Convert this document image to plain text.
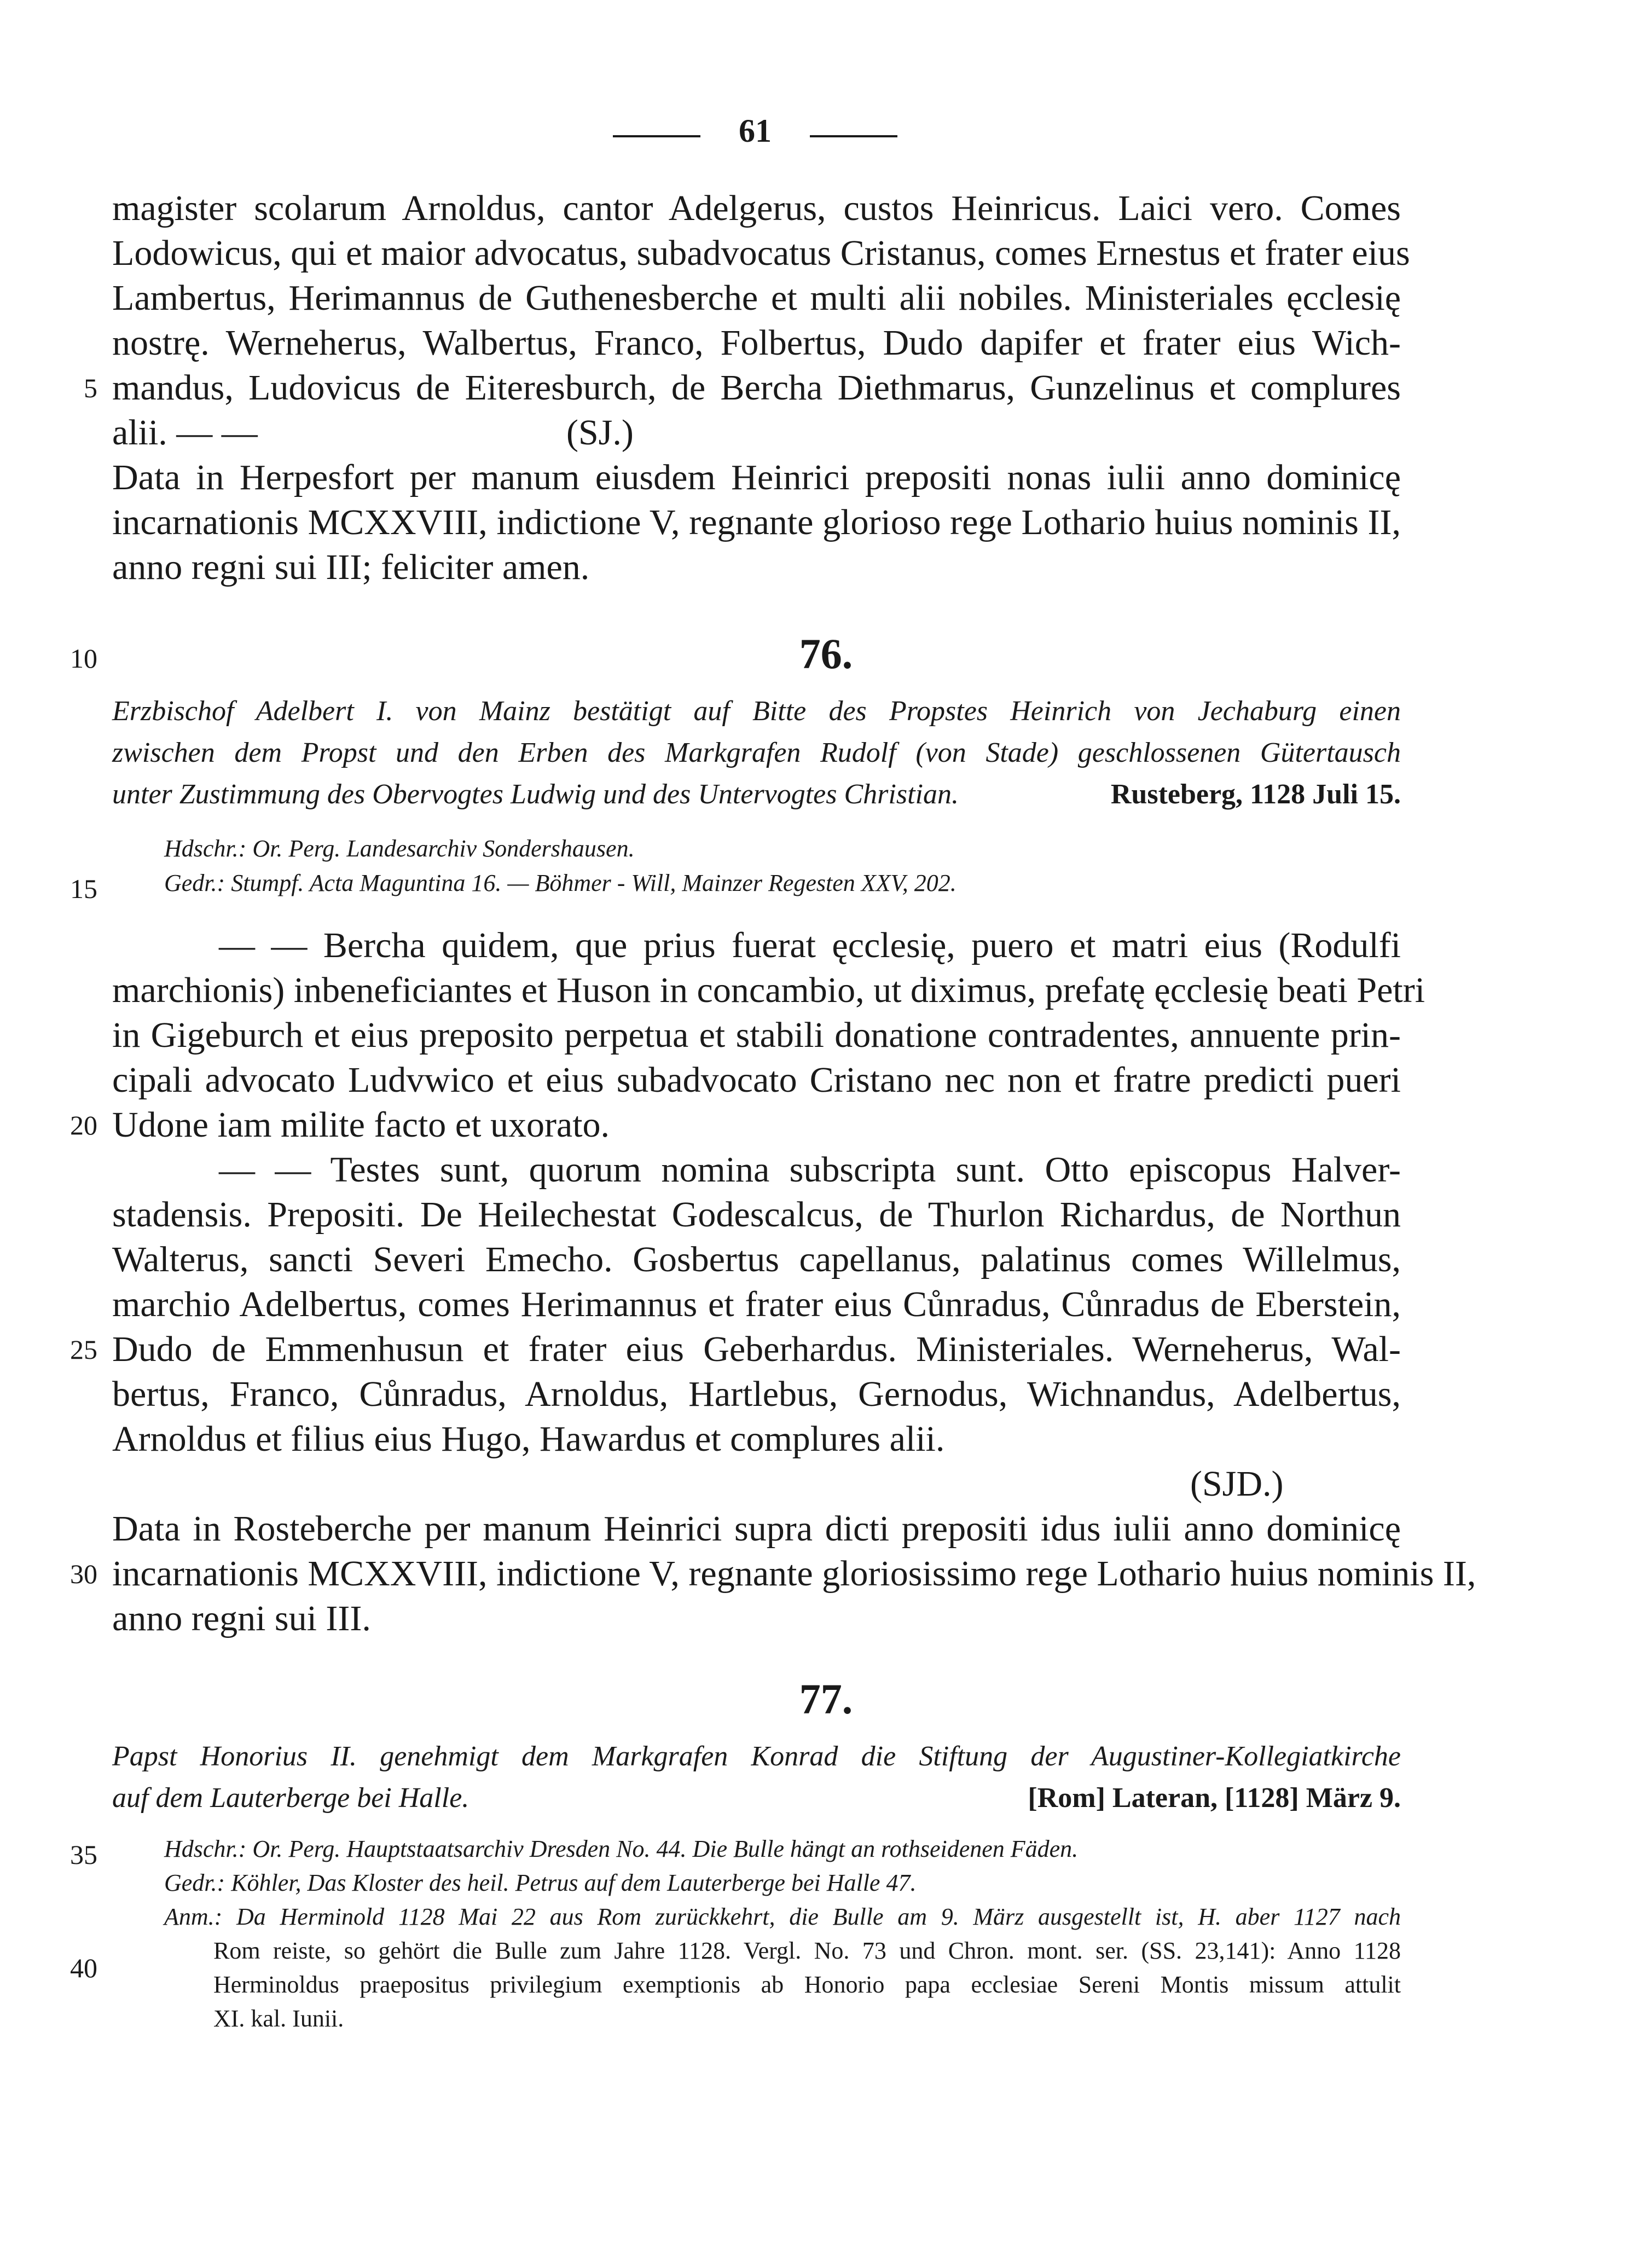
61
magister scolarum Arnoldus, cantor Adelgerus, custos Heinricus. Laici vero. Comes
Lodowicus, qui et maior advocatus, subadvocatus Cristanus, comes Ernestus et frater eius
Lambertus, Herimannus de Guthenesberche et multi alii nobiles. Ministeriales ęcclesię
nostrę. Werneherus, Walbertus, Franco, Folbertus, Dudo dapifer et frater eius Wich-
mandus, Ludovicus de Eiteresburch, de Bercha Diethmarus, Gunzelinus et complures
alii. — —	(SJ.)
Data in Herpesfort per manum eiusdem Heinrici prepositi nonas iulii anno dominicę
incarnationis MCXXVIII, indictione V, regnante glorioso rege Lothario huius nominis II,
anno regni sui III; feliciter amen.
5
10
15
20
25
30
35
40
76.
Erzbischof Adelbert I. von Mainz bestätigt auf Bitte des Propstes Heinrich von Jechaburg einen
zwischen dem Propst und den Erben des Markgrafen Rudolf (von Stade) geschlossenen Gütertausch
unter Zustimmung des Obervogtes Ludwig und des Untervogtes Christian.	Rusteberg, 1128 Juli 15.
Hdschr.: Or. Perg. Landesarchiv Sondershausen.
Gedr.: Stumpf. Acta Maguntina 16. — Böhmer - Will, Mainzer Regesten XXV, 202.
— — Bercha quidem, que prius fuerat ęcclesię, puero et matri eius (Rodulfi
marchionis) inbeneficiantes et Huson in concambio, ut diximus, prefatę ęcclesię beati Petri
in Gigeburch et eius preposito perpetua et stabili donatione contradentes, annuente prin-
cipali advocato Ludvwico et eius subadvocato Cristano nec non et fratre predicti pueri
Udone iam milite facto et uxorato.
— — Testes sunt, quorum nomina subscripta sunt. Otto episcopus Halver-
stadensis. Prepositi. De Heilechestat Godescalcus, de Thurlon Richardus, de Northun
Walterus, sancti Severi Emecho. Gosbertus capellanus, palatinus comes Willelmus,
marchio Adelbertus, comes Herimannus et frater eius Cůnradus, Cůnradus de Eberstein,
Dudo de Emmenhusun et frater eius Geberhardus. Ministeriales. Werneherus, Wal-
bertus, Franco, Cůnradus, Arnoldus, Hartlebus, Gernodus, Wichnandus, Adelbertus,
Arnoldus et filius eius Hugo, Hawardus et complures alii.
(SJD.)
Data in Rosteberche per manum Heinrici supra dicti prepositi idus iulii anno dominicę
incarnationis MCXXVIII, indictione V, regnante gloriosissimo rege Lothario huius nominis II,
anno regni sui III.
77.
Papst Honorius II. genehmigt dem Markgrafen Konrad die Stiftung der Augustiner-Kollegiatkirche
auf dem Lauterberge bei Halle.	[Rom] Lateran, [1128] März 9.
Hdschr.: Or. Perg. Hauptstaatsarchiv Dresden No. 44. Die Bulle hängt an rothseidenen Fäden.
Gedr.: Köhler, Das Kloster des heil. Petrus auf dem Lauterberge bei Halle 47.
Anm.: Da Herminold 1128 Mai 22 aus Rom zurückkehrt, die Bulle am 9. März ausgestellt ist, H. aber 1127 nach
Rom reiste, so gehört die Bulle zum Jahre 1128. Vergl. No. 73 und Chron. mont. ser. (SS. 23,141): Anno 1128
Herminoldus praepositus privilegium exemptionis ab Honorio papa ecclesiae Sereni Montis missum attulit
XI. kal. Iunii.
